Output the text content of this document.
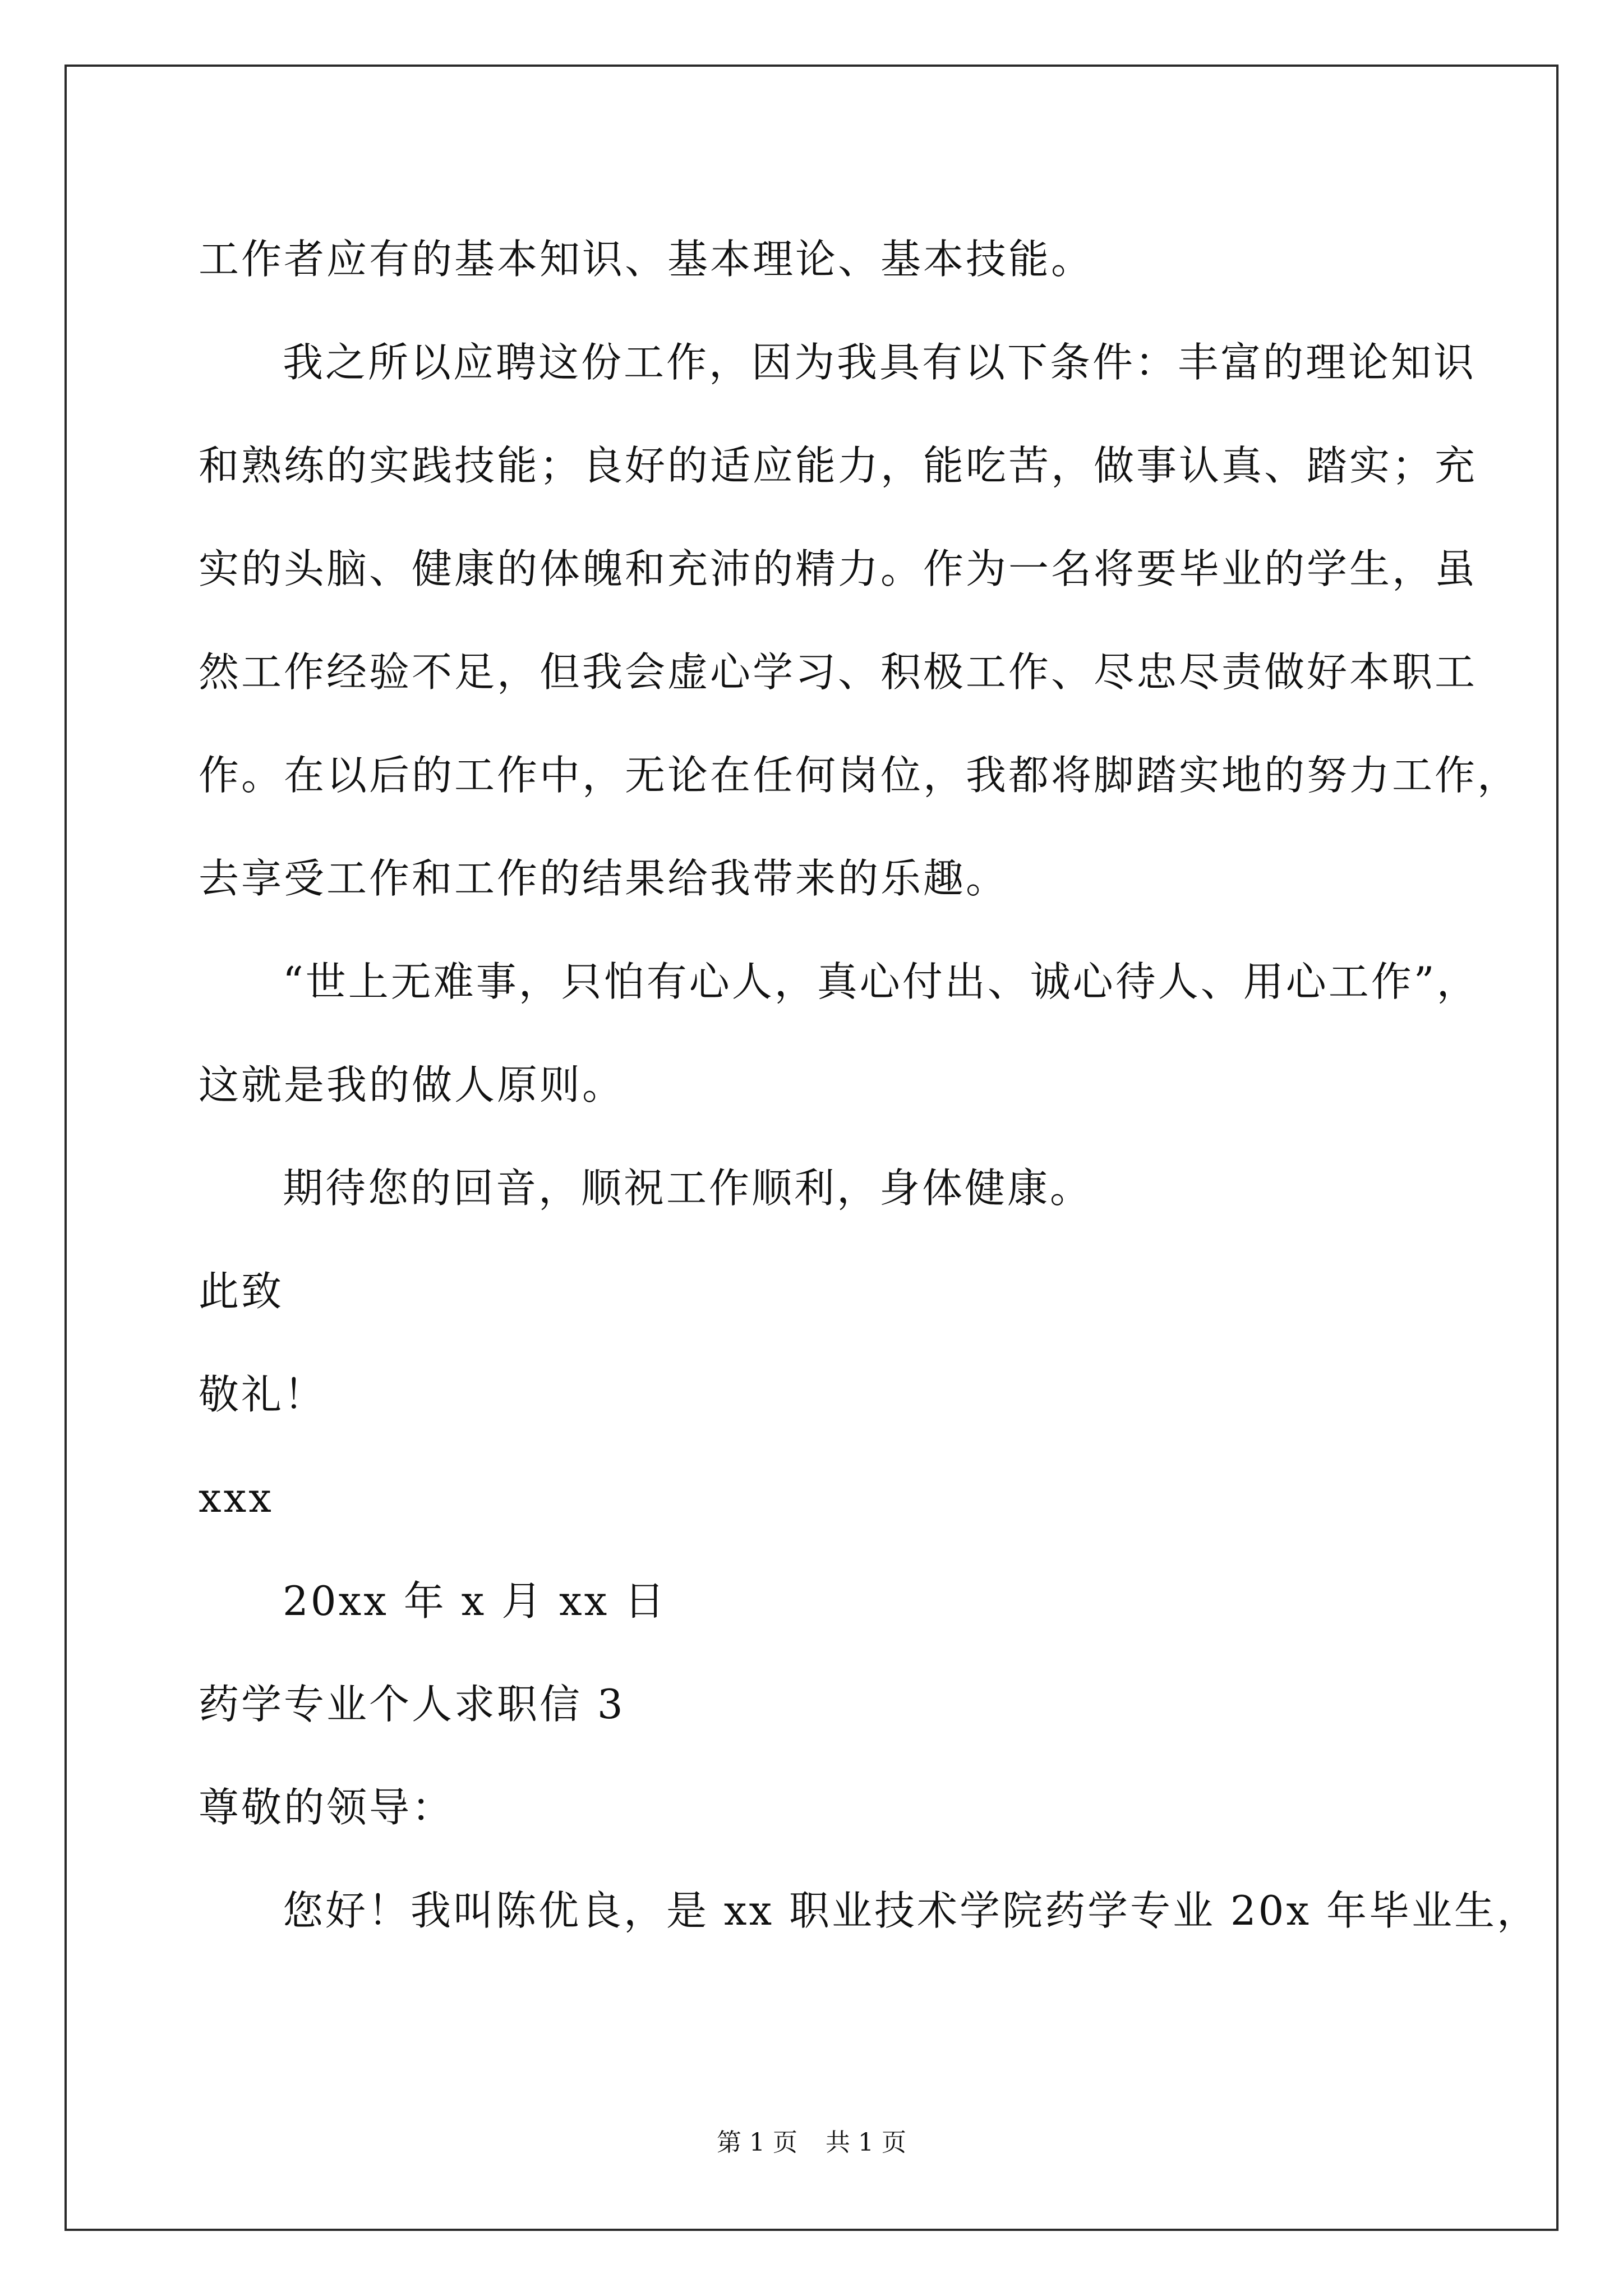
工作者应有的基本知识、基本理论、基本技能。

我之所以应聘这份工作，因为我具有以下条件：丰富的理论知识

和熟练的实践技能；良好的适应能力，能吃苦，做事认真、踏实；充

实的头脑、健康的体魄和充沛的精力。作为一名将要毕业的学生，虽

然工作经验不足，但我会虚心学习、积极工作、尽忠尽责做好本职工

作。在以后的工作中，无论在任何岗位，我都将脚踏实地的努力工作，

去享受工作和工作的结果给我带来的乐趣。

“世上无难事，只怕有心人，真心付出、诚心待人、用心工作”，

这就是我的做人原则。

期待您的回音，顺祝工作顺利，身体健康。

此致

敬礼！

xxx

20xx 年 x 月 xx 日

药学专业个人求职信 3

尊敬的领导：

您好！我叫陈优良，是 xx 职业技术学院药学专业 20x 年毕业生，

第 1 页 共 1 页
